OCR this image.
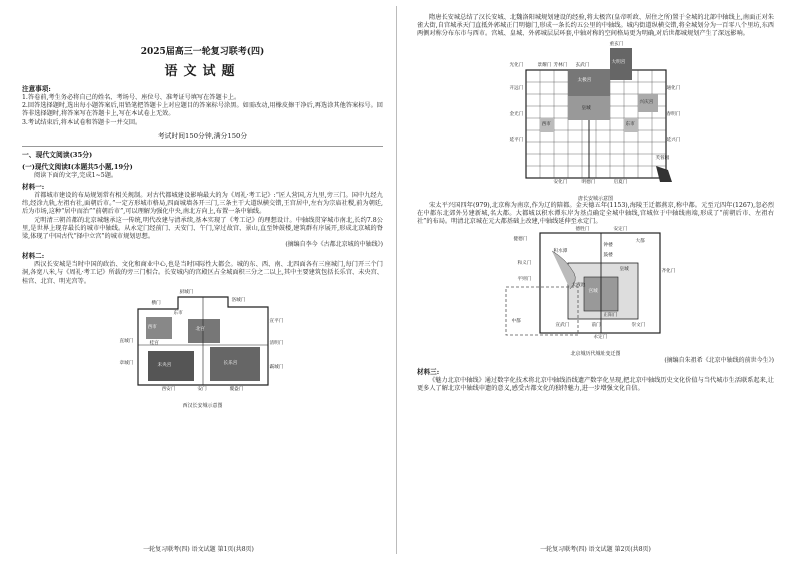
2025届高三一轮复习联考(四)
语文试题
注意事项:

1.答卷前,考生务必将自己的姓名、考场号、座位号、准考证号填写在答题卡上。

2.回答选择题时,选出每小题答案后,用铅笔把答题卡上对应题目的答案标号涂黑。如需改动,用橡皮擦干净后,再选涂其他答案标号。回答非选择题时,将答案写在答题卡上,写在本试卷上无效。

3.考试结束后,将本试卷和答题卡一并交回。

考试时间150分钟,满分150分
一、现代文阅读(35分)
(一)现代文阅读Ⅰ(本题共5小题,19分)

阅读下面的文字,完成1~5题。

材料一:

首都城市建设的布局规划常有相关规制。对古代都城建设影响最大的为《周礼·考工记》:“匠人营国,方九里,旁三门。国中九经九纬,经涂九轨,左祖右社,面朝后市。”一定方形城市格局,四面城墙各开三门,三条主干大道纵横交错,王宫居中,左右为宗庙社稷,前为朝廷,后为市场,这种“居中而治”“前朝后市”,可以理解为强化中央,南北方向上,布置一条中轴线。

元明清三朝首都的北京城继承这一传统,明代改建与清承续,基本实现了《考工记》的理想设计。中轴线贯穿城市南北,长约7.8公里,是世界上现存最长的城市中轴线。从永定门经前门、天安门、午门,穿过故宫、景山,直至钟鼓楼,建筑群有序展开,形成北京城的脊梁,体现了中国古代“择中立宫”的城市规划思想。

(摘编自李今《古都北京城的中轴线》)
材料二:

西汉长安城是当时中国的政治、文化和商业中心,也是当时国际性大都会。城的东、西、南、北四面各有三座城门,每门开三个门洞,各宽八米,与《周礼·考工记》所载的旁三门相合。长安城内的宫殿区占全城面积三分之二以上,其中主要建筑包括长乐宫、未央宫、桂宫、北宫、明光宫等。

横门
厨城门
洛城门
北宫
宣平门
直城门
东市
西市
桂宫	清明门
章城门	未央宫	长乐宫
霸城门
西安门	安门	覆盎门
西汉长安城示意图
一轮复习联考(四) 语文试题 第1页(共8页)

隋唐长安城总结了汉长安城、北魏洛阳城规划建设的经验,将太极宫(皇帝听政、居住之所)置于全城的北部中轴线上,南面正对朱雀大街,自宫城承天门直抵外郭城正门明德门,形成一条长约五公里的中轴线。城内街道纵横交错,将全城划分为一百零八个里坊,东西两侧对称分布东市与西市。宫城、皇城、外郭城层层环套,中轴对称的空间格局更为明确,对后世都城规划产生了深远影响。

光化门	景耀门 芳林门 玄武门
重玄门
太极宫
大明宫
开远门	通化门
金光门	春明门
延平门	延兴门
兴庆宫
皇城
西市	东市
安化门	明德门	启夏门
芙蓉园
唐长安城示意图

宋太平兴国四年(979),北京称为南京,作为辽的陪都。金天德五年(1153),海陵王迁都燕京,称中都。元至元四年(1267),忽必烈在中都东北郊外另建新城,名大都。大都城以积水潭东岸为基点确定全城中轴线,宫城位于中轴线南端,形成了“前朝后市、左祖右社”的布局。明清北京城在元大都基础上改建,中轴线延伸至永定门。

积水潭
钟楼
鼓楼
安定门
德胜门
大都
健德门
和义门
平则门
皇城
宫城
太液池
中都
前门
正阳门
齐化门
崇文门
宣武门
永定门
北京城历代城址变迁图
(摘编自朱祖希《北京中轴线的前世今生》)
材料三:

《魅力北京中轴线》通过数字化技术将北京中轴线沿线遗产数字化呈现,把北京中轴线历史文化价值与当代城市生活联系起来,让更多人了解北京中轴线申遗的意义,感受古都文化的独特魅力,进一步增强文化自信。

一轮复习联考(四) 语文试题 第2页(共8页)
